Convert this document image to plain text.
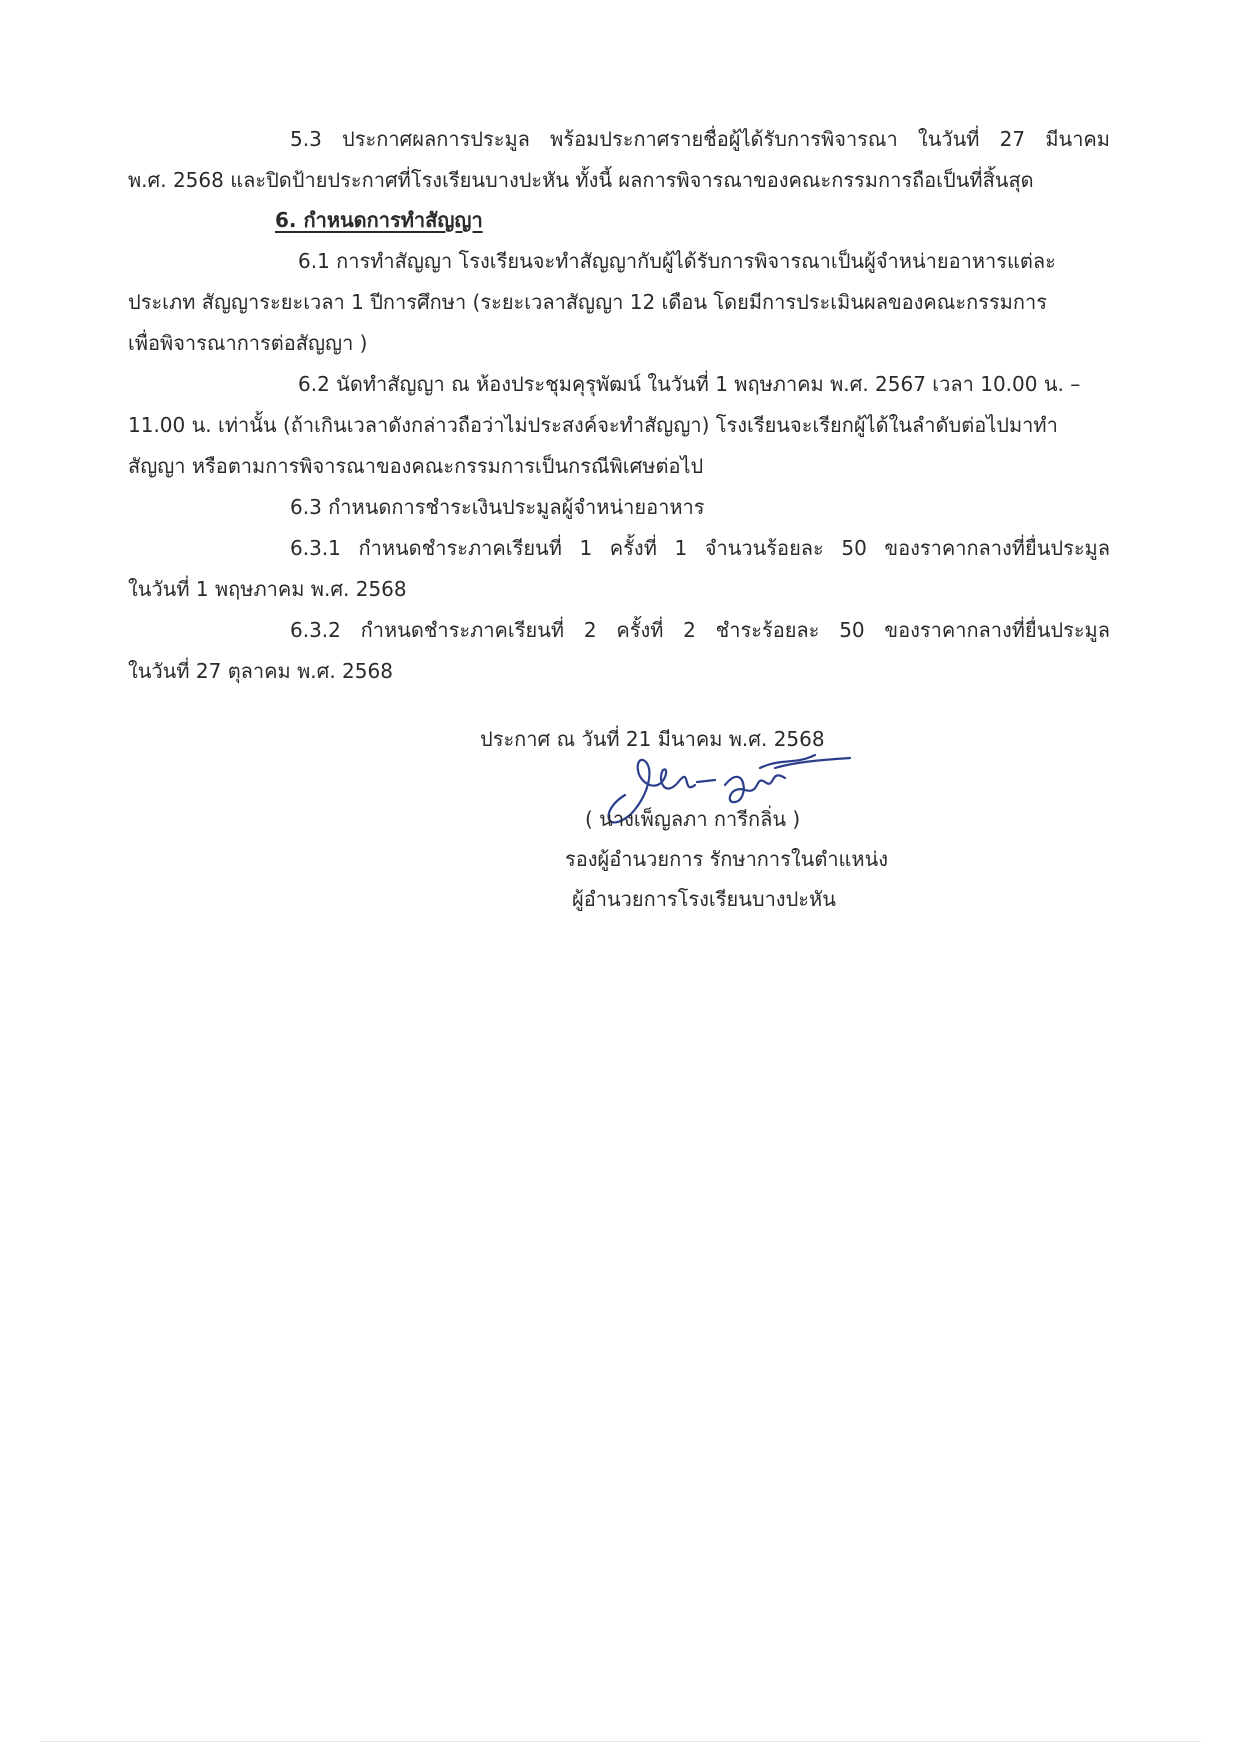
5.3 ประกาศผลการประมูล พร้อมประกาศรายชื่อผู้ได้รับการพิจารณา ในวันที่ 27 มีนาคม

พ.ศ. 2568 และปิดป้ายประกาศที่โรงเรียนบางปะหัน ทั้งนี้ ผลการพิจารณาของคณะกรรมการถือเป็นที่สิ้นสุด

6. กำหนดการทำสัญญา

6.1 การทำสัญญา โรงเรียนจะทำสัญญากับผู้ได้รับการพิจารณาเป็นผู้จำหน่ายอาหารแต่ละ

ประเภท สัญญาระยะเวลา 1 ปีการศึกษา (ระยะเวลาสัญญา 12 เดือน โดยมีการประเมินผลของคณะกรรมการ

เพื่อพิจารณาการต่อสัญญา )

6.2 นัดทำสัญญา ณ ห้องประชุมคุรุพัฒน์ ในวันที่ 1 พฤษภาคม พ.ศ. 2567 เวลา 10.00 น. –

11.00 น. เท่านั้น (ถ้าเกินเวลาดังกล่าวถือว่าไม่ประสงค์จะทำสัญญา) โรงเรียนจะเรียกผู้ได้ในลำดับต่อไปมาทำ

สัญญา หรือตามการพิจารณาของคณะกรรมการเป็นกรณีพิเศษต่อไป

6.3 กำหนดการชำระเงินประมูลผู้จำหน่ายอาหาร

6.3.1 กำหนดชำระภาคเรียนที่ 1 ครั้งที่ 1 จำนวนร้อยละ 50 ของราคากลางที่ยื่นประมูล

ในวันที่ 1 พฤษภาคม พ.ศ. 2568

6.3.2 กำหนดชำระภาคเรียนที่ 2 ครั้งที่ 2 ชำระร้อยละ 50 ของราคากลางที่ยื่นประมูล

ในวันที่ 27 ตุลาคม พ.ศ. 2568

ประกาศ ณ วันที่ 21 มีนาคม พ.ศ. 2568

( นางเพ็ญลภา การีกลิ่น )

รองผู้อำนวยการ รักษาการในตำแหน่ง

ผู้อำนวยการโรงเรียนบางปะหัน
